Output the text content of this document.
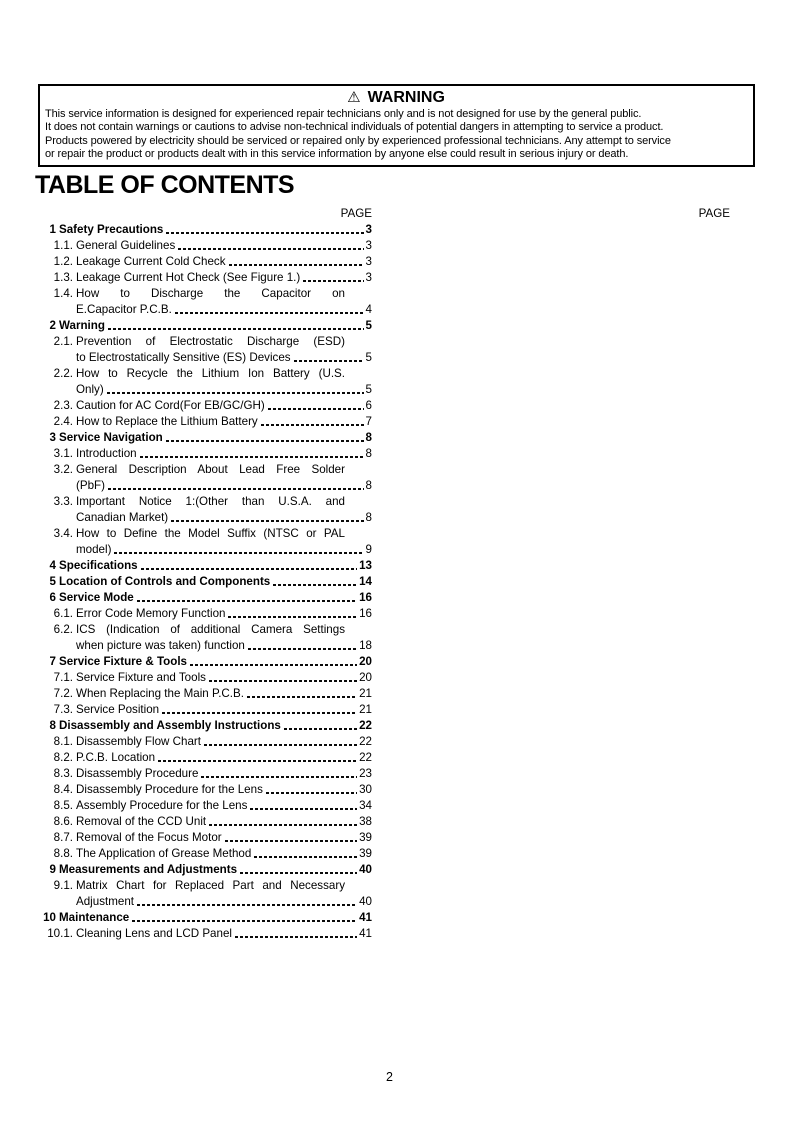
⚠ WARNING
This service information is designed for experienced repair technicians only and is not designed for use by the general public.
It does not contain warnings or cautions to advise non-technical individuals of potential dangers in attempting to service a product.
Products powered by electricity should be serviced or repaired only by experienced professional technicians. Any attempt to service
or repair the product or products dealt with in this service information by anyone else could result in serious injury or death.
TABLE OF CONTENTS
PAGE
PAGE
1 Safety Precautions	3
1.1. General Guidelines	3
1.2. Leakage Current Cold Check	3
1.3. Leakage Current Hot Check (See Figure 1.)	3
1.4. How to Discharge the Capacitor on
E.Capacitor P.C.B.	4
2 Warning	5
2.1. Prevention of Electrostatic Discharge (ESD)
to Electrostatically Sensitive (ES) Devices	5
2.2. How to Recycle the Lithium Ion Battery (U.S.
Only)	5
2.3. Caution for AC Cord(For EB/GC/GH)	6
2.4. How to Replace the Lithium Battery	7
3 Service Navigation	8
3.1. Introduction	8
3.2. General Description About Lead Free Solder
(PbF)	8
3.3. Important Notice 1:(Other than U.S.A. and
Canadian Market)	8
3.4. How to Define the Model Suffix (NTSC or PAL
model)	9
4 Specifications	13
5 Location of Controls and Components	14
6 Service Mode	16
6.1. Error Code Memory Function	16
6.2. ICS (Indication of additional Camera Settings
when picture was taken) function	18
7 Service Fixture & Tools	20
7.1. Service Fixture and Tools	20
7.2. When Replacing the Main P.C.B.	21
7.3. Service Position	21
8 Disassembly and Assembly Instructions	22
8.1. Disassembly Flow Chart	22
8.2. P.C.B. Location	22
8.3. Disassembly Procedure	23
8.4. Disassembly Procedure for the Lens	30
8.5. Assembly Procedure for the Lens	34
8.6. Removal of the CCD Unit	38
8.7. Removal of the Focus Motor	39
8.8. The Application of Grease Method	39
9 Measurements and Adjustments	40
9.1. Matrix Chart for Replaced Part and Necessary
Adjustment	40
10 Maintenance	41
10.1. Cleaning Lens and LCD Panel	41
2
